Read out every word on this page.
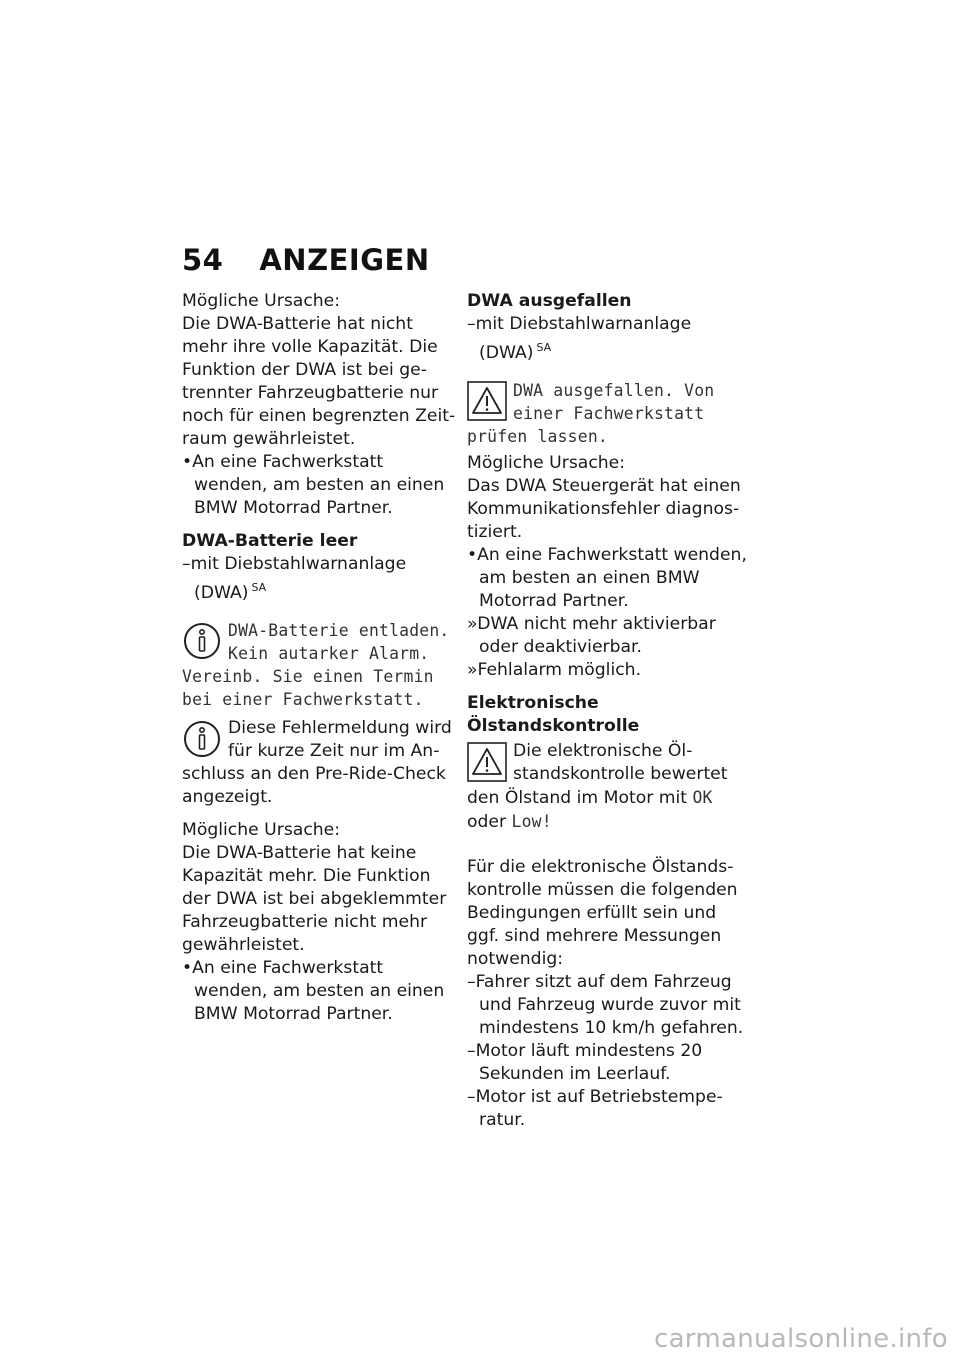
54 ANZEIGEN

Mögliche Ursache:

Die DWA-Batterie hat nicht mehr ihre volle Kapazität. Die Funktion der DWA ist bei getrennter Fahrzeugbatterie nur noch für einen begrenzten Zeitraum gewährleistet.

•An eine Fachwerkstatt wenden, am besten an einen BMW Motorrad Partner.

DWA-Batterie leer

–mit Diebstahlwarnanlage (DWA) $^{SA}$

DWA-Batterie entladen. Kein autarker Alarm. Vereinb. Sie einen Termin bei einer Fachwerkstatt.

Diese Fehlermeldung wird für kurze Zeit nur im Anschluss an den Pre-Ride-Check angezeigt.

Mögliche Ursache:

Die DWA-Batterie hat keine Kapazität mehr. Die Funktion der DWA ist bei abgeklemmter Fahrzeugbatterie nicht mehr gewährleistet.

•An eine Fachwerkstatt wenden, am besten an einen BMW Motorrad Partner.

DWA ausgefallen

–mit Diebstahlwarnanlage (DWA) $^{SA}$

DWA ausgefallen. Von einer Fachwerkstatt prüfen lassen.

Mögliche Ursache:

Das DWA Steuergerät hat einen Kommunikationsfehler diagnostiziert.

•An eine Fachwerkstatt wenden, am besten an einen BMW Motorrad Partner.

»DWA nicht mehr aktivierbar oder deaktivierbar.

»Fehlalarm möglich.

Elektronische

Ölstandskontrolle

Die elektronische Ölstandskontrolle bewertet den Ölstand im Motor mit OK
oder Low!

Für die elektronische Ölstandskontrolle müssen die folgenden Bedingungen erfüllt sein und ggf. sind mehrere Messungen notwendig:

–Fahrer sitzt auf dem Fahrzeug und Fahrzeug wurde zuvor mit mindestens 10 km/h gefahren.

–Motor läuft mindestens 20 Sekunden im Leerlauf.

–Motor ist auf Betriebstemperatur.

carmanualsonline.info
